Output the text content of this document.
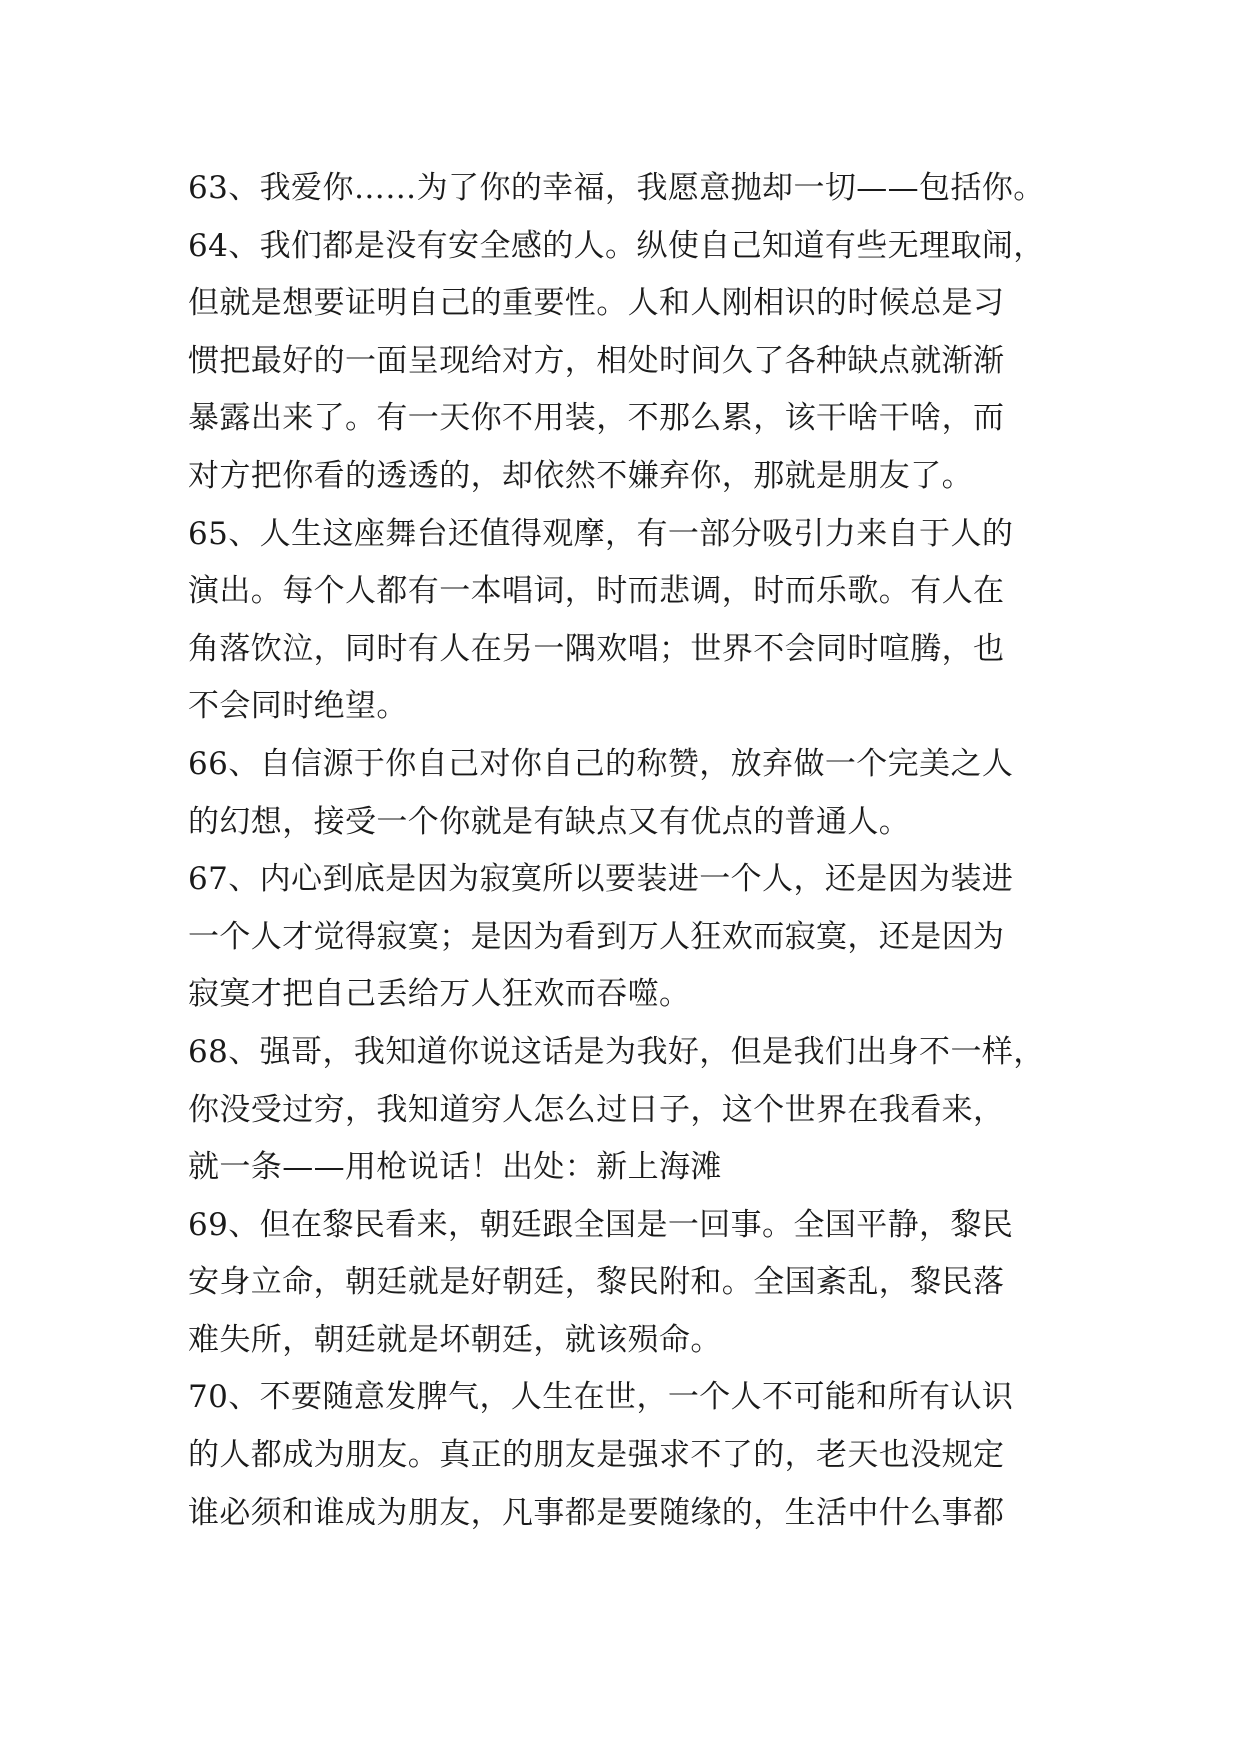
63、我爱你……为了你的幸福，我愿意抛却一切——包括你。
64、我们都是没有安全感的人。纵使自己知道有些无理取闹，
但就是想要证明自己的重要性。人和人刚相识的时候总是习
惯把最好的一面呈现给对方，相处时间久了各种缺点就渐渐
暴露出来了。有一天你不用装，不那么累，该干啥干啥，而
对方把你看的透透的，却依然不嫌弃你，那就是朋友了。
65、人生这座舞台还值得观摩，有一部分吸引力来自于人的
演出。每个人都有一本唱词，时而悲调，时而乐歌。有人在
角落饮泣，同时有人在另一隅欢唱；世界不会同时喧腾，也
不会同时绝望。
66、自信源于你自己对你自己的称赞，放弃做一个完美之人
的幻想，接受一个你就是有缺点又有优点的普通人。
67、内心到底是因为寂寞所以要装进一个人，还是因为装进
一个人才觉得寂寞；是因为看到万人狂欢而寂寞，还是因为
寂寞才把自己丢给万人狂欢而吞噬。
68、强哥，我知道你说这话是为我好，但是我们出身不一样，
你没受过穷，我知道穷人怎么过日子，这个世界在我看来，
就一条——用枪说话！出处：新上海滩
69、但在黎民看来，朝廷跟全国是一回事。全国平静，黎民
安身立命，朝廷就是好朝廷，黎民附和。全国紊乱，黎民落
难失所，朝廷就是坏朝廷，就该殒命。
70、不要随意发脾气，人生在世，一个人不可能和所有认识
的人都成为朋友。真正的朋友是强求不了的，老天也没规定
谁必须和谁成为朋友，凡事都是要随缘的，生活中什么事都
